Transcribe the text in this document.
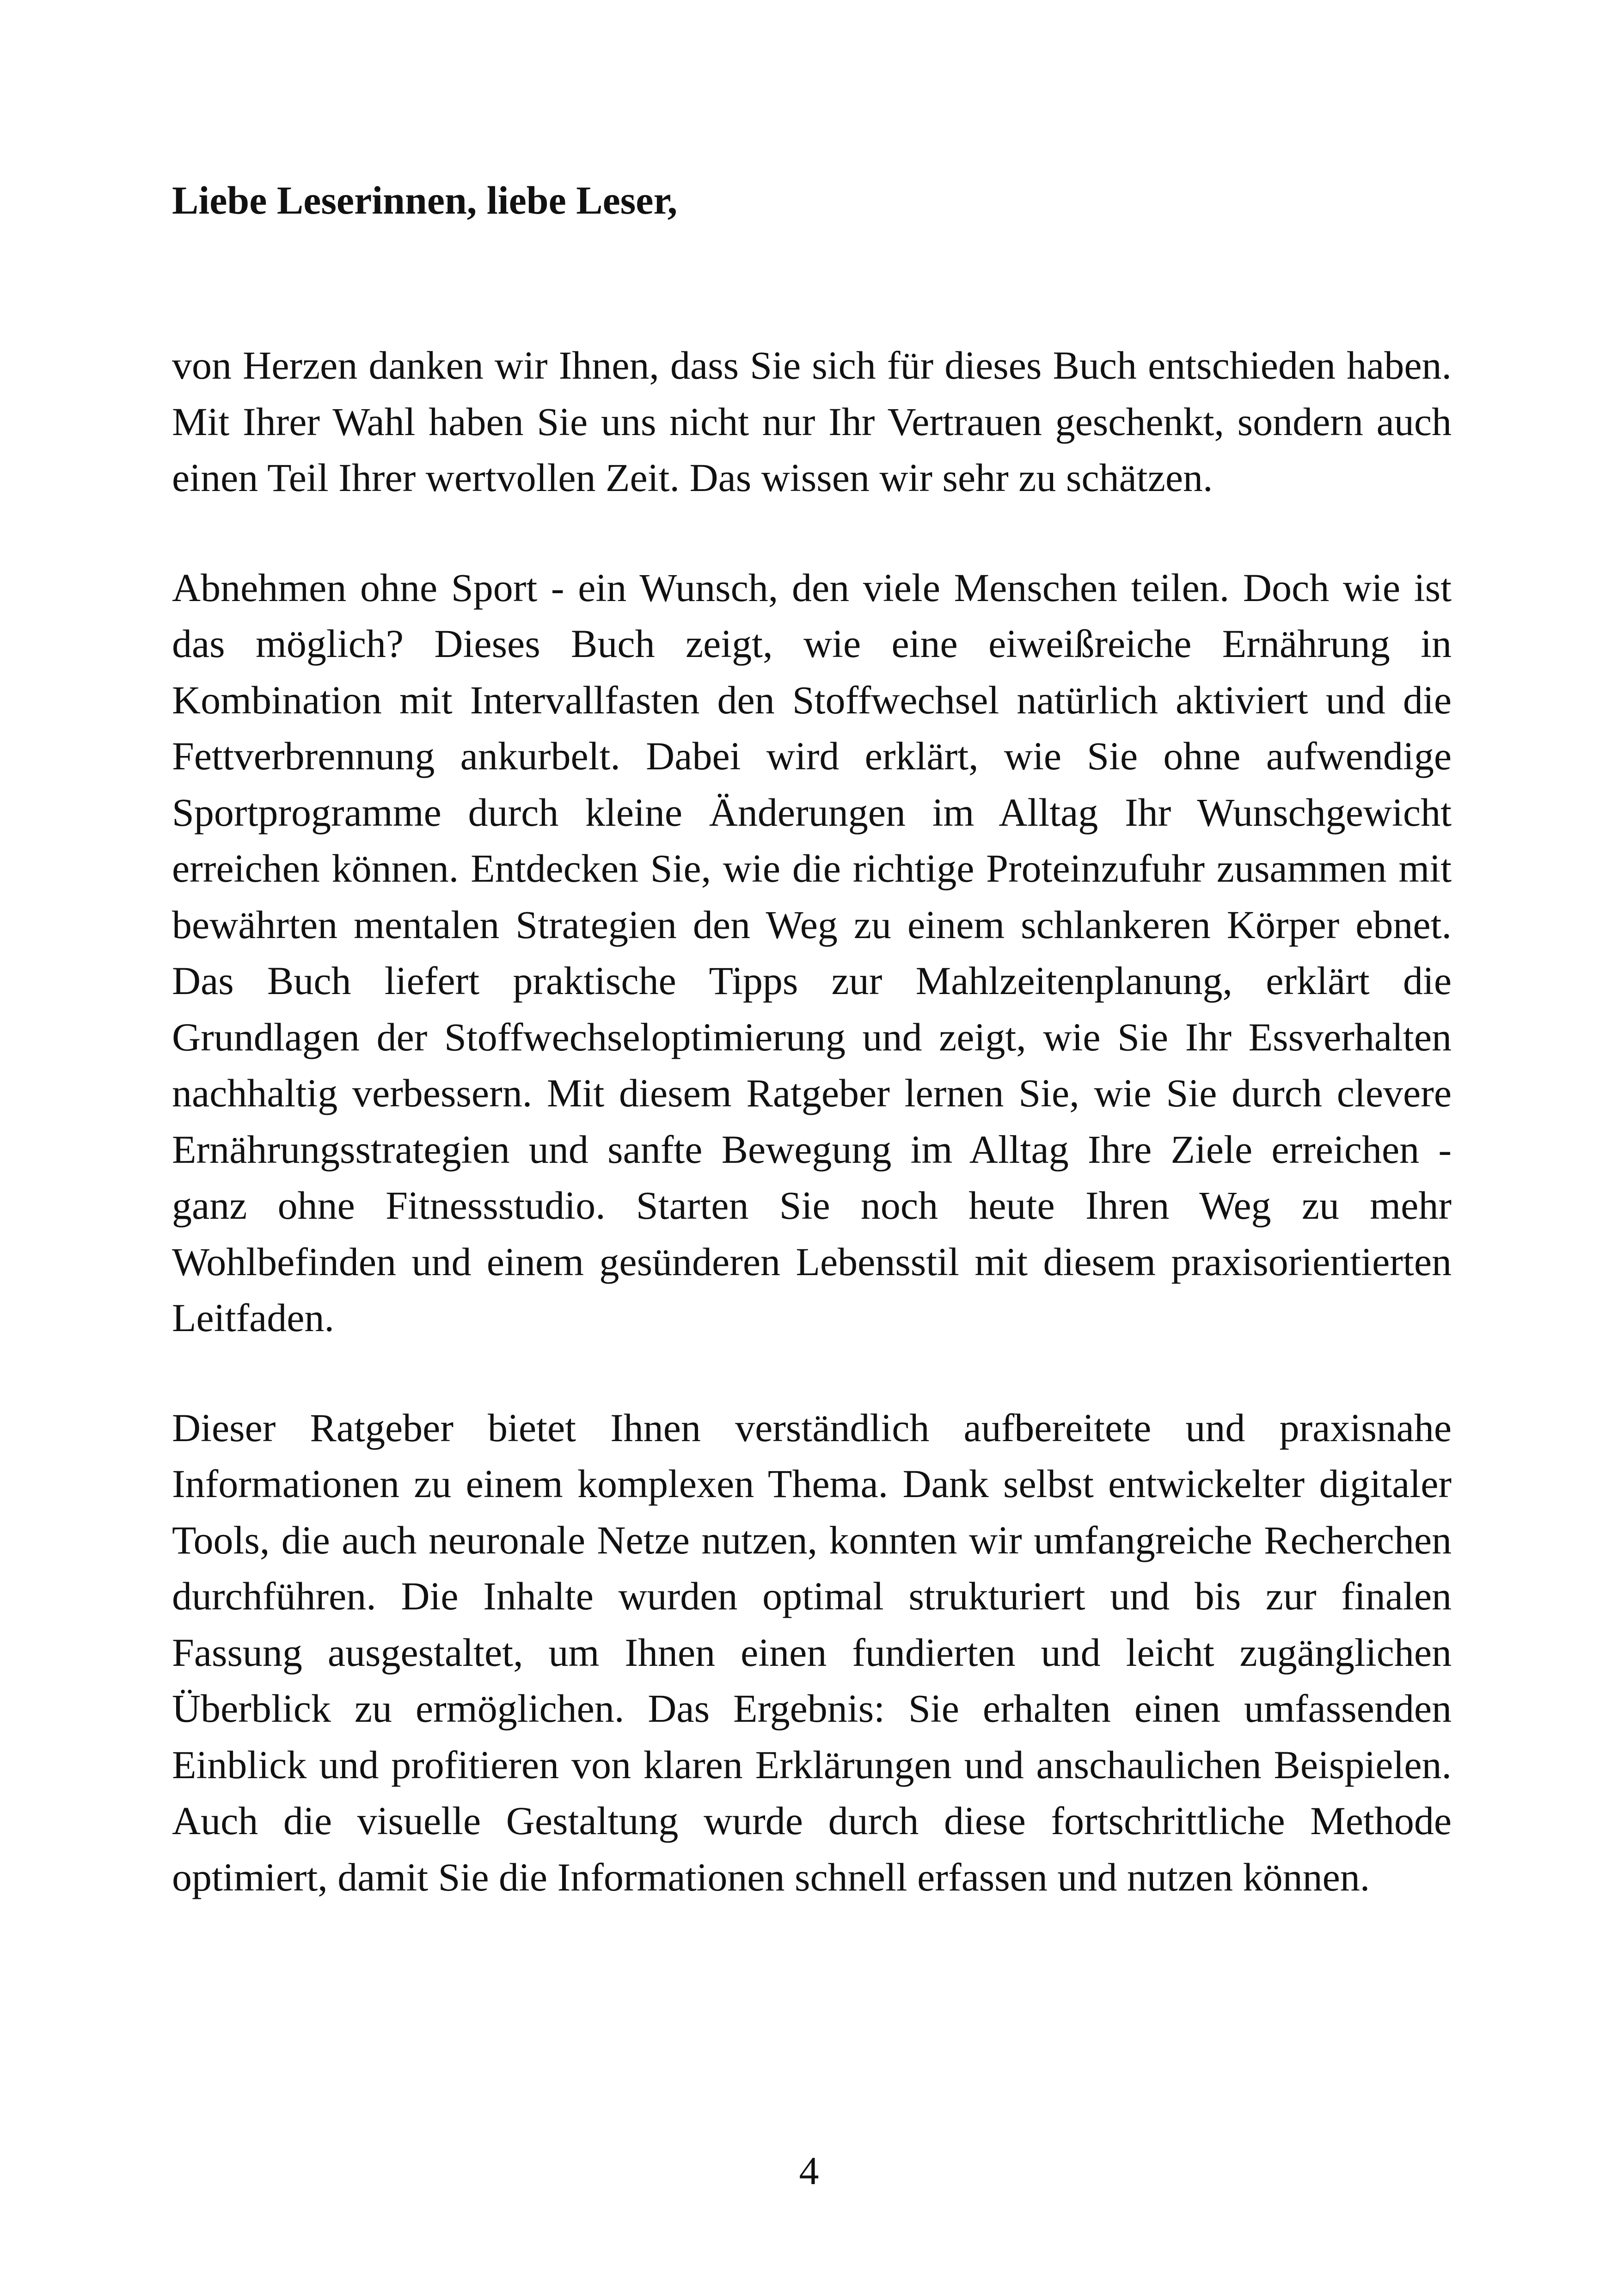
Liebe Leserinnen, liebe Leser,

von Herzen danken wir Ihnen, dass Sie sich für dieses Buch entschieden haben. Mit Ihrer Wahl haben Sie uns nicht nur Ihr Vertrauen geschenkt, sondern auch einen Teil Ihrer wertvollen Zeit. Das wissen wir sehr zu schätzen.

Abnehmen ohne Sport - ein Wunsch, den viele Menschen teilen. Doch wie ist das möglich? Dieses Buch zeigt, wie eine eiweißreiche Ernährung in Kombination mit Intervallfasten den Stoffwechsel natürlich aktiviert und die Fettverbrennung ankurbelt. Dabei wird erklärt, wie Sie ohne aufwendige Sportprogramme durch kleine Änderungen im Alltag Ihr Wunschgewicht erreichen können. Entdecken Sie, wie die richtige Proteinzufuhr zusammen mit bewährten mentalen Strategien den Weg zu einem schlankeren Körper ebnet. Das Buch liefert praktische Tipps zur Mahlzeitenplanung, erklärt die Grundlagen der Stoffwechseloptimierung und zeigt, wie Sie Ihr Essverhalten nachhaltig verbessern. Mit diesem Ratgeber lernen Sie, wie Sie durch clevere Ernährungsstrategien und sanfte Bewegung im Alltag Ihre Ziele erreichen - ganz ohne Fitnessstudio. Starten Sie noch heute Ihren Weg zu mehr Wohlbefinden und einem gesünderen Lebensstil mit diesem praxisorientierten Leitfaden.

Dieser Ratgeber bietet Ihnen verständlich aufbereitete und praxisnahe Informationen zu einem komplexen Thema. Dank selbst entwickelter digitaler Tools, die auch neuronale Netze nutzen, konnten wir umfangreiche Recherchen durchführen. Die Inhalte wurden optimal strukturiert und bis zur finalen Fassung ausgestaltet, um Ihnen einen fundierten und leicht zugänglichen Überblick zu ermöglichen. Das Ergebnis: Sie erhalten einen umfassenden Einblick und profitieren von klaren Erklärungen und anschaulichen Beispielen. Auch die visuelle Gestaltung wurde durch diese fortschrittliche Methode optimiert, damit Sie die Informationen schnell erfassen und nutzen können.

4
